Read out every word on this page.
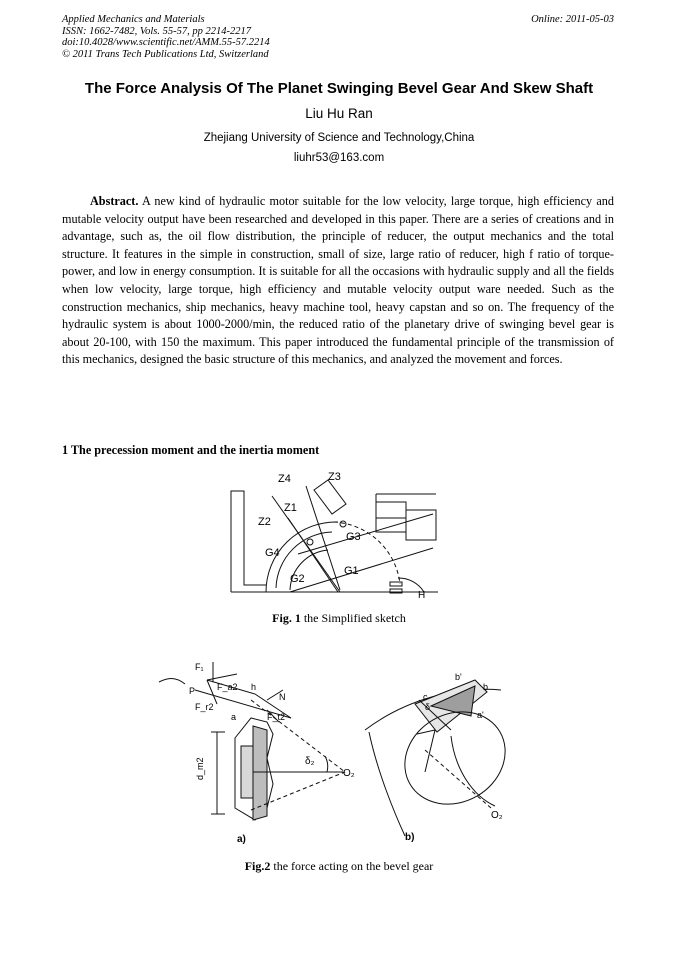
Applied Mechanics and Materials
ISSN: 1662-7482, Vols. 55-57, pp 2214-2217
doi:10.4028/www.scientific.net/AMM.55-57.2214
© 2011 Trans Tech Publications Ltd, Switzerland
Online: 2011-05-03
The Force Analysis Of The Planet Swinging Bevel Gear And Skew Shaft
Liu Hu Ran
Zhejiang University of Science and Technology,China
liuhr53@163.com
Abstract. A new kind of hydraulic motor suitable for the low velocity, large torque, high efficiency and mutable velocity output have been researched and developed in this paper. There are a series of creations and in advantage, such as, the oil flow distribution, the principle of reducer, the output mechanics and the total structure. It features in the simple in construction, small of size, large ratio of reducer, high f ratio of torque-power, and low in energy consumption. It is suitable for all the occasions with hydraulic supply and all the fields when low velocity, large torque, high efficiency and mutable velocity output ware needed. Such as the construction mechanics, ship mechanics, heavy machine tool, heavy capstan and so on. The frequency of the hydraulic system is about 1000-2000/min, the reduced ratio of the planetary drive of swinging bevel gear is about 20-100, with 150 the maximum. This paper introduced the fundamental principle of the transmission of this mechanics, designed the basic structure of this mechanics, and analyzed the movement and forces.
1 The precession moment and the inertia moment
Z4	Z3
Z1
Z2
G4
G3
G2
G1
H
Fig. 1 the Simplified sketch
F₁
F_a2
F_r2
F_t2
P
N
h
a
d_m2	δ₂
O₂
a)
b'
b
a'
c
δ
O₂
b)
Fig.2 the force acting on the bevel gear
